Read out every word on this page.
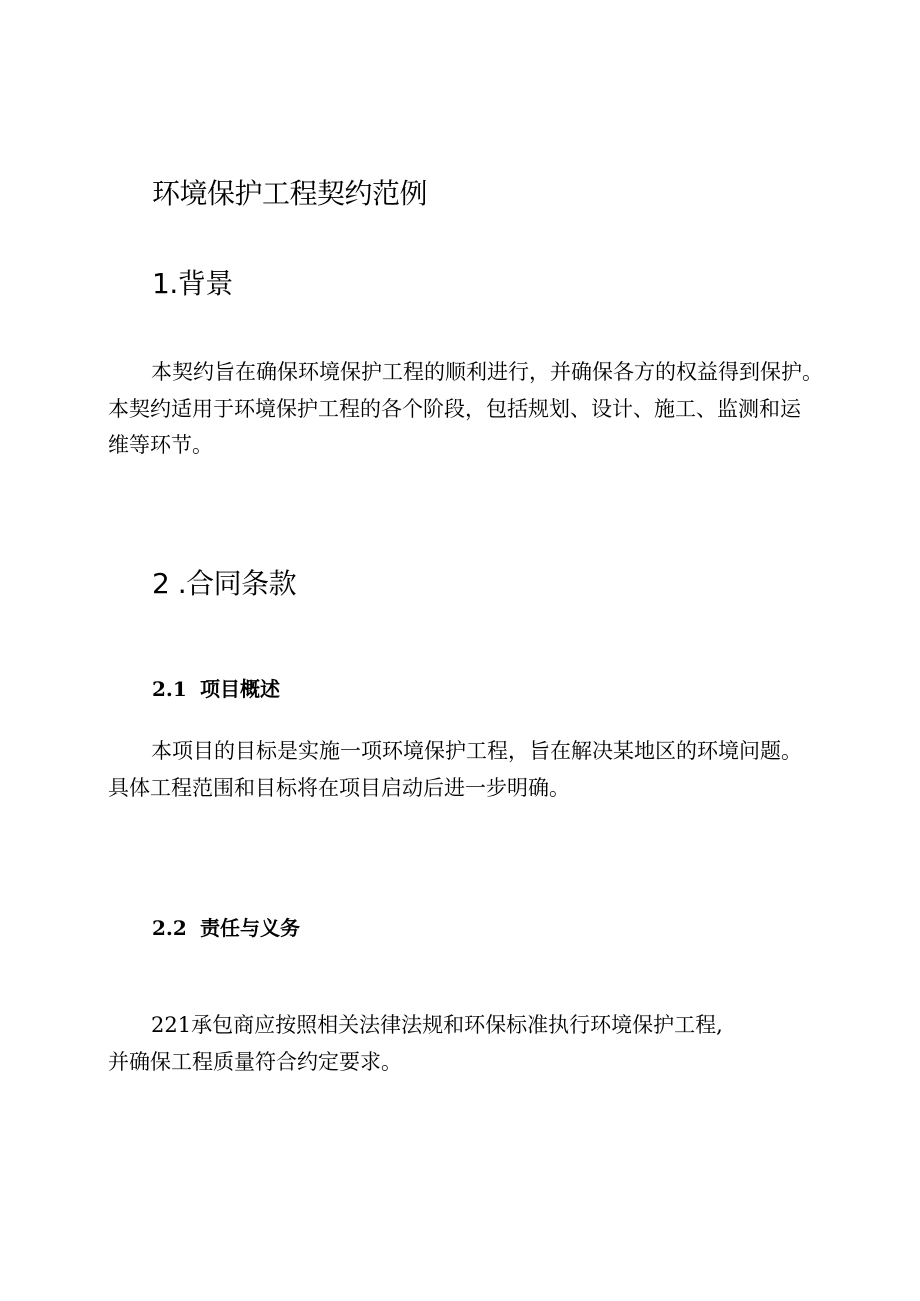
环境保护工程契约范例
1.背景

本契约旨在确保环境保护工程的顺利进行，并确保各方的权益得到保护。
本契约适用于环境保护工程的各个阶段，包括规划、设计、施工、监测和运
维等环节。

2 .合同条款
2.1 项目概述

本项目的目标是实施一项环境保护工程，旨在解决某地区的环境问题。
具体工程范围和目标将在项目启动后进一步明确。

2.2 责任与义务

221承包商应按照相关法律法规和环保标准执行环境保护工程,
并确保工程质量符合约定要求。
